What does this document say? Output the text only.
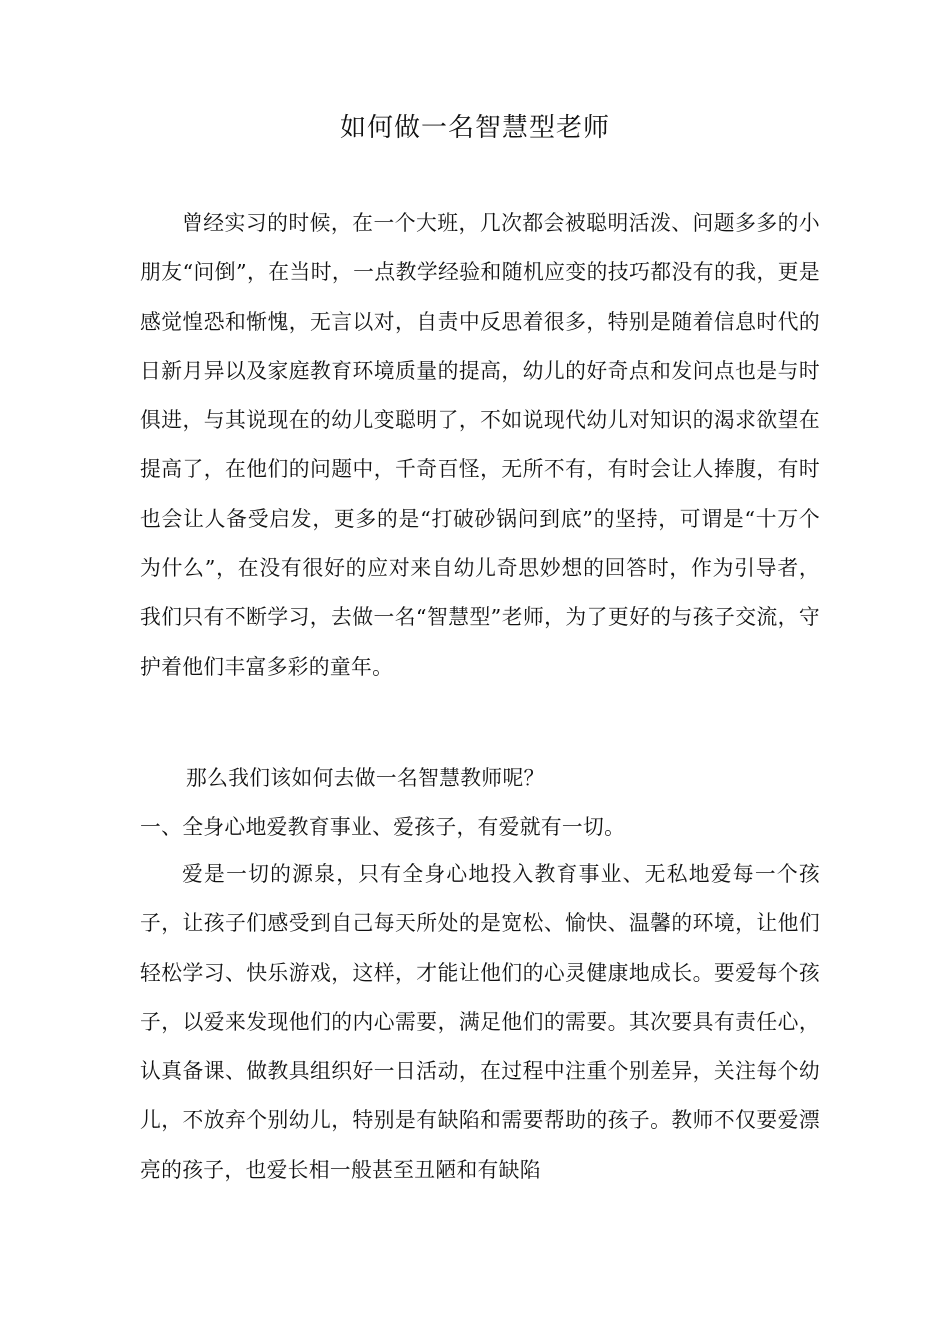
如何做一名智慧型老师

曾经实习的时候，在一个大班，几次都会被聪明活泼、问题多多的小朋友“问倒”，在当时，一点教学经验和随机应变的技巧都没有的我，更是感觉惶恐和惭愧，无言以对，自责中反思着很多，特别是随着信息时代的日新月异以及家庭教育环境质量的提高，幼儿的好奇点和发问点也是与时俱进，与其说现在的幼儿变聪明了，不如说现代幼儿对知识的渴求欲望在提高了，在他们的问题中，千奇百怪，无所不有，有时会让人捧腹，有时也会让人备受启发，更多的是“打破砂锅问到底”的坚持，可谓是“十万个为什么”，在没有很好的应对来自幼儿奇思妙想的回答时，作为引导者，我们只有不断学习，去做一名“智慧型”老师，为了更好的与孩子交流，守护着他们丰富多彩的童年。

那么我们该如何去做一名智慧教师呢？

一、全身心地爱教育事业、爱孩子，有爱就有一切。

爱是一切的源泉，只有全身心地投入教育事业、无私地爱每一个孩子，让孩子们感受到自己每天所处的是宽松、愉快、温馨的环境，让他们轻松学习、快乐游戏，这样，才能让他们的心灵健康地成长。要爱每个孩子，以爱来发现他们的内心需要，满足他们的需要。其次要具有责任心，认真备课、做教具组织好一日活动，在过程中注重个别差异，关注每个幼儿，不放弃个别幼儿，特别是有缺陷和需要帮助的孩子。教师不仅要爱漂亮的孩子，也爱长相一般甚至丑陋和有缺陷
